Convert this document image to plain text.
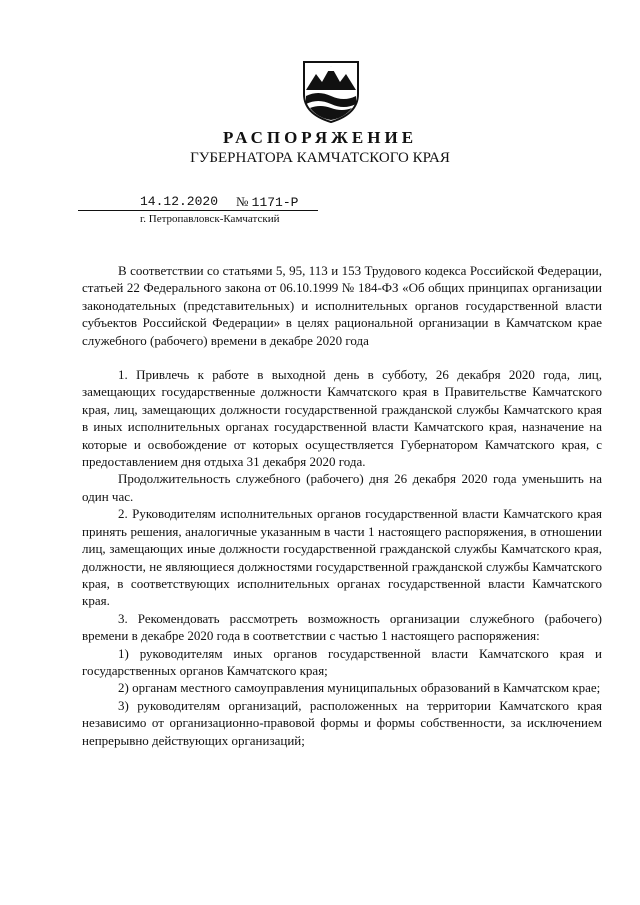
РАСПОРЯЖЕНИЕ
ГУБЕРНАТОРА КАМЧАТСКОГО КРАЯ
14.12.2020 № 1171-Р
г. Петропавловск-Камчатский

В соответствии со статьями 5, 95, 113 и 153 Трудового кодекса Российской Федерации, статьей 22 Федерального закона от 06.10.1999 № 184-ФЗ «Об общих принципах организации законодательных (представительных) и исполнительных органов государственной власти субъектов Российской Федерации» в целях рациональной организации в Камчатском крае служебного (рабочего) времени в декабре 2020 года

1. Привлечь к работе в выходной день в субботу, 26 декабря 2020 года, лиц, замещающих государственные должности Камчатского края в Правительстве Камчатского края, лиц, замещающих должности государственной гражданской службы Камчатского края в иных исполнительных органах государственной власти Камчатского края, назначение на которые и освобождение от которых осуществляется Губернатором Камчатского края, с предоставлением дня отдыха 31 декабря 2020 года.

Продолжительность служебного (рабочего) дня 26 декабря 2020 года уменьшить на один час.

2. Руководителям исполнительных органов государственной власти Камчатского края принять решения, аналогичные указанным в части 1 настоящего распоряжения, в отношении лиц, замещающих иные должности государственной гражданской службы Камчатского края, должности, не являющиеся должностями государственной гражданской службы Камчатского края, в соответствующих исполнительных органах государственной власти Камчатского края.

3. Рекомендовать рассмотреть возможность организации служебного (рабочего) времени в декабре 2020 года в соответствии с частью 1 настоящего распоряжения:

1) руководителям иных органов государственной власти Камчатского края и государственных органов Камчатского края;

2) органам местного самоуправления муниципальных образований в Камчатском крае;

3) руководителям организаций, расположенных на территории Камчатского края независимо от организационно-правовой формы и формы собственности, за исключением непрерывно действующих организаций;
